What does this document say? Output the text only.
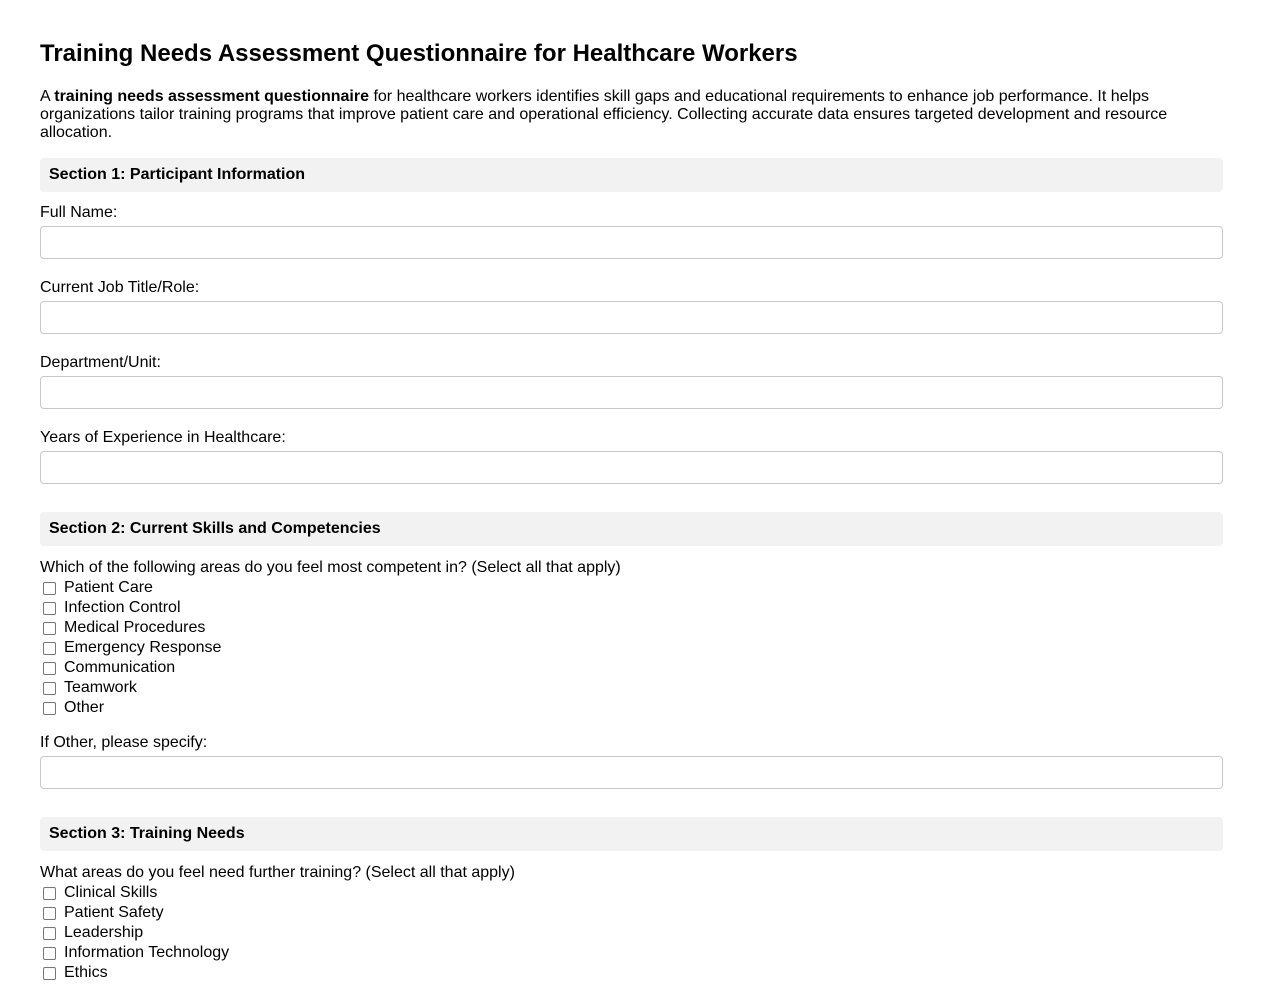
Training Needs Assessment Questionnaire for Healthcare Workers

A training needs assessment questionnaire for healthcare workers identifies skill gaps and educational requirements to enhance job performance. It helps organizations tailor training programs that improve patient care and operational efficiency. Collecting accurate data ensures targeted development and resource allocation.

Section 1: Participant Information
Full Name:
Current Job Title/Role:
Department/Unit:
Years of Experience in Healthcare:
Section 2: Current Skills and Competencies
Which of the following areas do you feel most competent in? (Select all that apply)
Patient Care
Infection Control
Medical Procedures
Emergency Response
Communication
Teamwork
Other
If Other, please specify:
Section 3: Training Needs
What areas do you feel need further training? (Select all that apply)
Clinical Skills
Patient Safety
Leadership
Information Technology
Ethics
